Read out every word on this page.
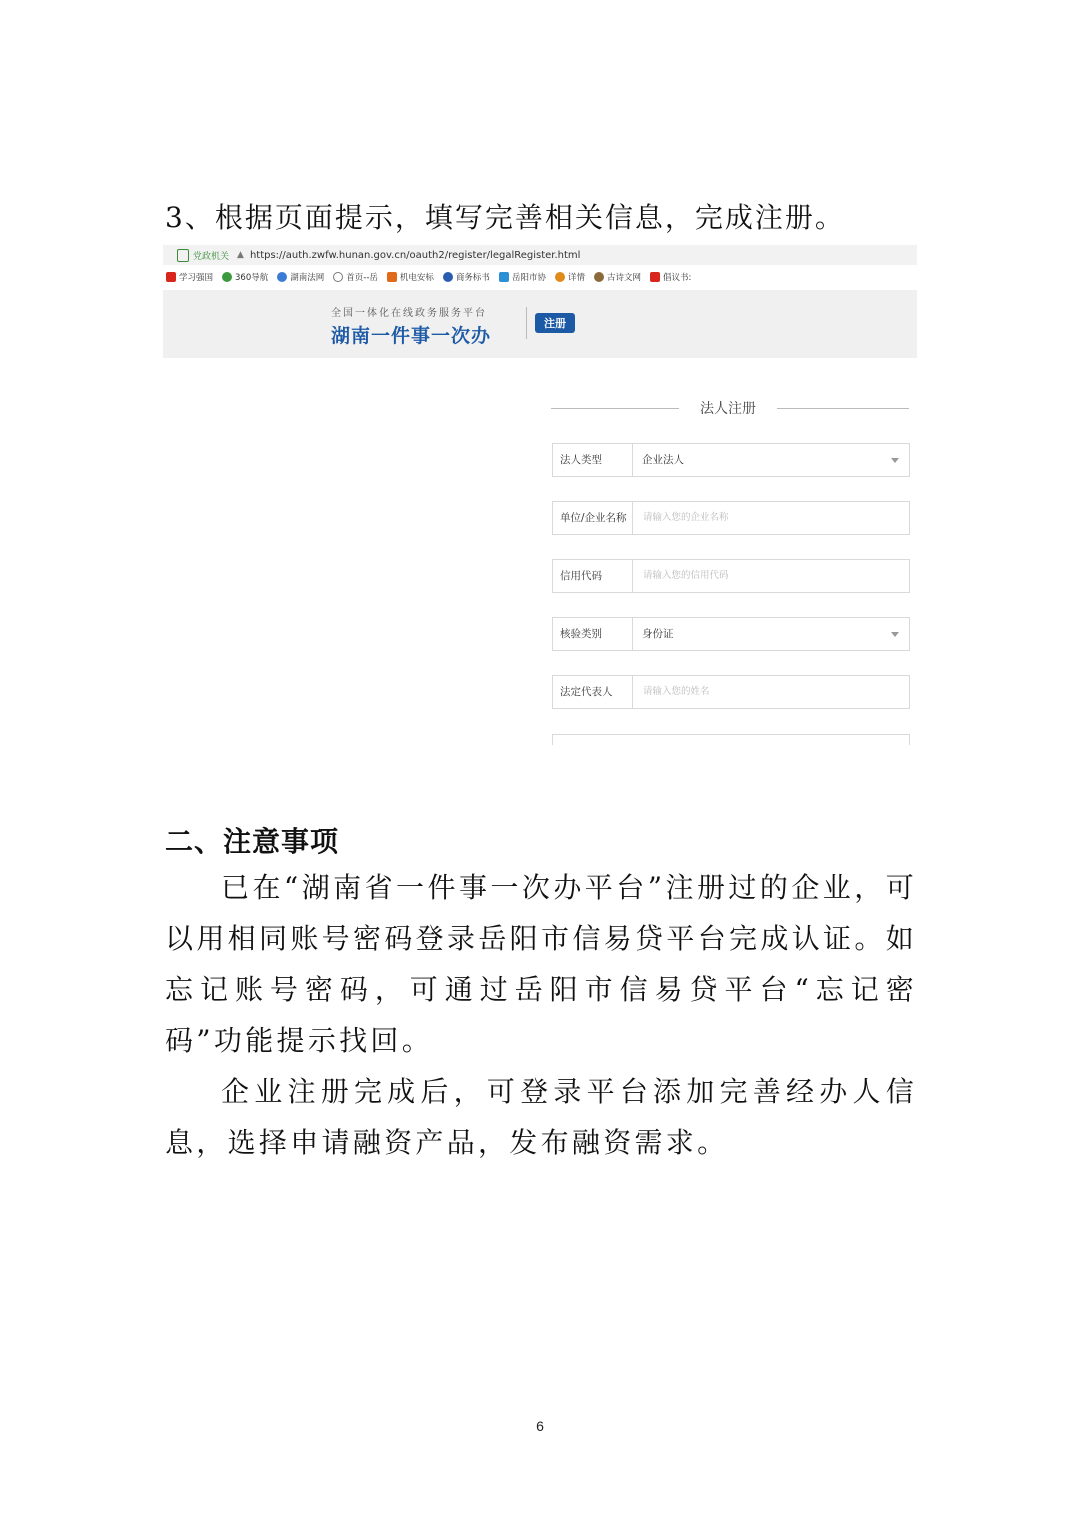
3、根据页面提示，填写完善相关信息，完成注册。
党政机关 ▲ https://auth.zwfw.hunan.gov.cn/oauth2/register/legalRegister.html
学习强国	360导航	湖南法网	首页--岳	机电安标	商务标书	岳阳市协	详情	古诗文网	倡议书:
全国一体化在线政务服务平台
湖南一件事一次办
注册
法人注册
法人类型	企业法人
单位/企业名称	请输入您的企业名称
信用代码	请输入您的信用代码
核验类别	身份证
法定代表人	请输入您的姓名
二、注意事项

已在“湖南省一件事一次办平台”注册过的企业，可以用相同账号密码登录岳阳市信易贷平台完成认证。如忘记账号密码，可通过岳阳市信易贷平台“忘记密码”功能提示找回。

企业注册完成后，可登录平台添加完善经办人信息，选择申请融资产品，发布融资需求。

6
